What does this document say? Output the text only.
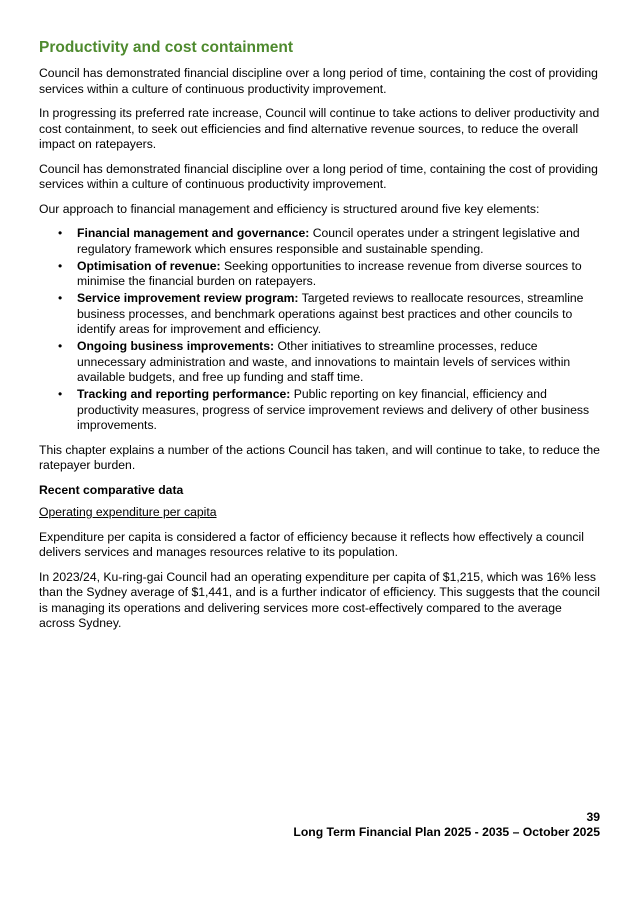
Productivity and cost containment

Council has demonstrated financial discipline over a long period of time, containing the cost of providing services within a culture of continuous productivity improvement.

In progressing its preferred rate increase, Council will continue to take actions to deliver productivity and cost containment, to seek out efficiencies and find alternative revenue sources, to reduce the overall impact on ratepayers.

Council has demonstrated financial discipline over a long period of time, containing the cost of providing services within a culture of continuous productivity improvement.

Our approach to financial management and efficiency is structured around five key elements:

• Financial management and governance: Council operates under a stringent legislative and regulatory framework which ensures responsible and sustainable spending.
• Optimisation of revenue: Seeking opportunities to increase revenue from diverse sources to minimise the financial burden on ratepayers.
• Service improvement review program: Targeted reviews to reallocate resources, streamline business processes, and benchmark operations against best practices and other councils to identify areas for improvement and efficiency.
• Ongoing business improvements: Other initiatives to streamline processes, reduce unnecessary administration and waste, and innovations to maintain levels of services within available budgets, and free up funding and staff time.
• Tracking and reporting performance: Public reporting on key financial, efficiency and productivity measures, progress of service improvement reviews and delivery of other business improvements.

This chapter explains a number of the actions Council has taken, and will continue to take, to reduce the ratepayer burden.

Recent comparative data

Operating expenditure per capita

Expenditure per capita is considered a factor of efficiency because it reflects how effectively a council delivers services and manages resources relative to its population.

In 2023/24, Ku-ring-gai Council had an operating expenditure per capita of $1,215, which was 16% less than the Sydney average of $1,441, and is a further indicator of efficiency. This suggests that the council is managing its operations and delivering services more cost-effectively compared to the average across Sydney.

39
Long Term Financial Plan 2025 - 2035 – October 2025
